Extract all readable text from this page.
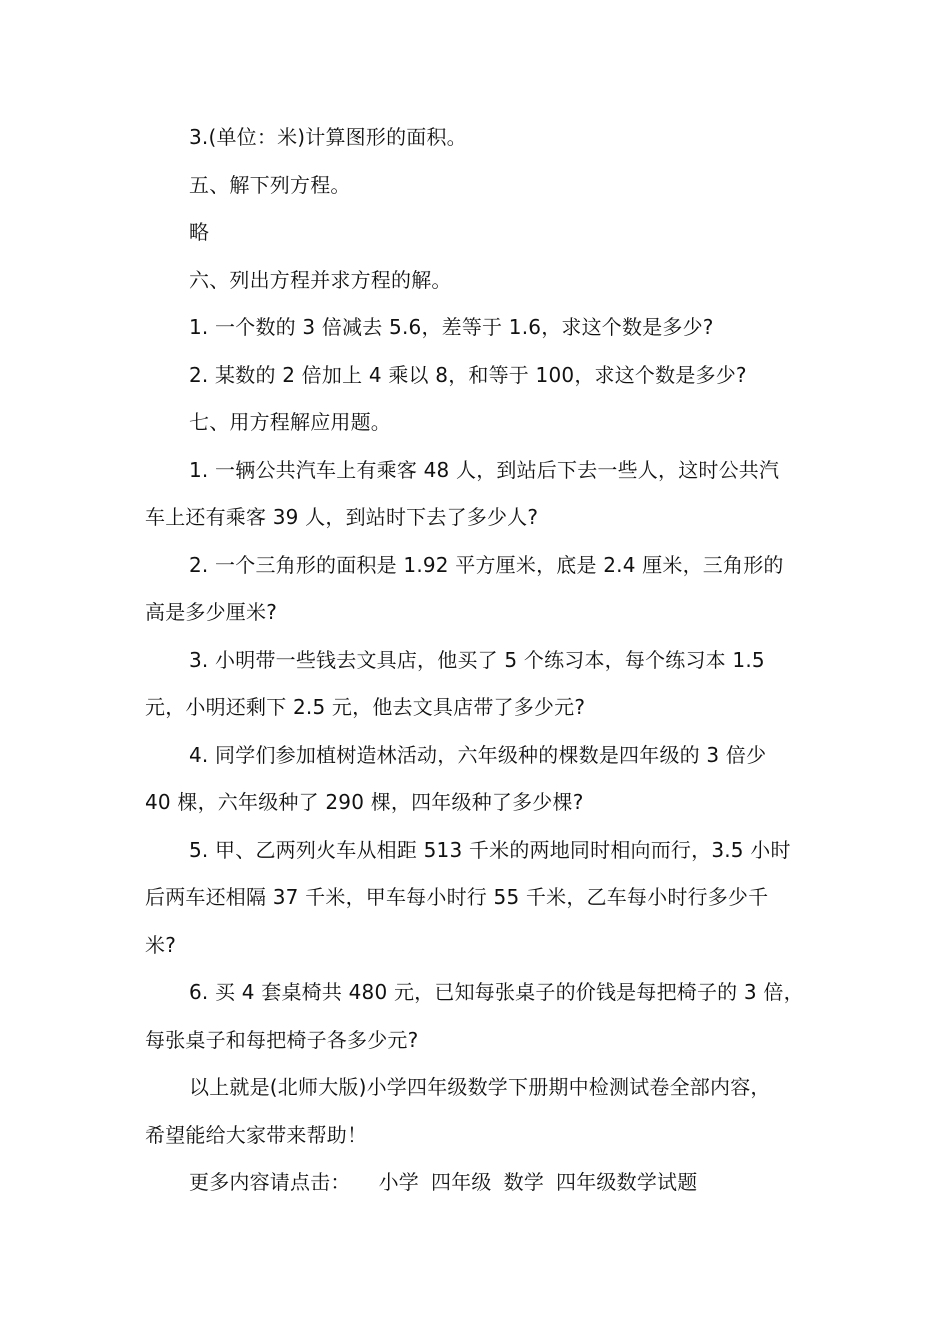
3.(单位：米)计算图形的面积。
五、解下列方程。
略
六、列出方程并求方程的解。
1. 一个数的 3 倍减去 5.6，差等于 1.6，求这个数是多少?
2. 某数的 2 倍加上 4 乘以 8，和等于 100，求这个数是多少?
七、用方程解应用题。
1. 一辆公共汽车上有乘客 48 人，到站后下去一些人，这时公共汽
车上还有乘客 39 人，到站时下去了多少人?
2. 一个三角形的面积是 1.92 平方厘米，底是 2.4 厘米，三角形的
高是多少厘米?
3. 小明带一些钱去文具店，他买了 5 个练习本，每个练习本 1.5
元，小明还剩下 2.5 元，他去文具店带了多少元?
4. 同学们参加植树造林活动，六年级种的棵数是四年级的 3 倍少
40 棵，六年级种了 290 棵，四年级种了多少棵?
5. 甲、乙两列火车从相距 513 千米的两地同时相向而行，3.5 小时
后两车还相隔 37 千米，甲车每小时行 55 千米，乙车每小时行多少千
米?
6. 买 4 套桌椅共 480 元，已知每张桌子的价钱是每把椅子的 3 倍，
每张桌子和每把椅子各多少元?
以上就是(北师大版)小学四年级数学下册期中检测试卷全部内容，
希望能给大家带来帮助！
更多内容请点击： 小学 四年级 数学 四年级数学试题
